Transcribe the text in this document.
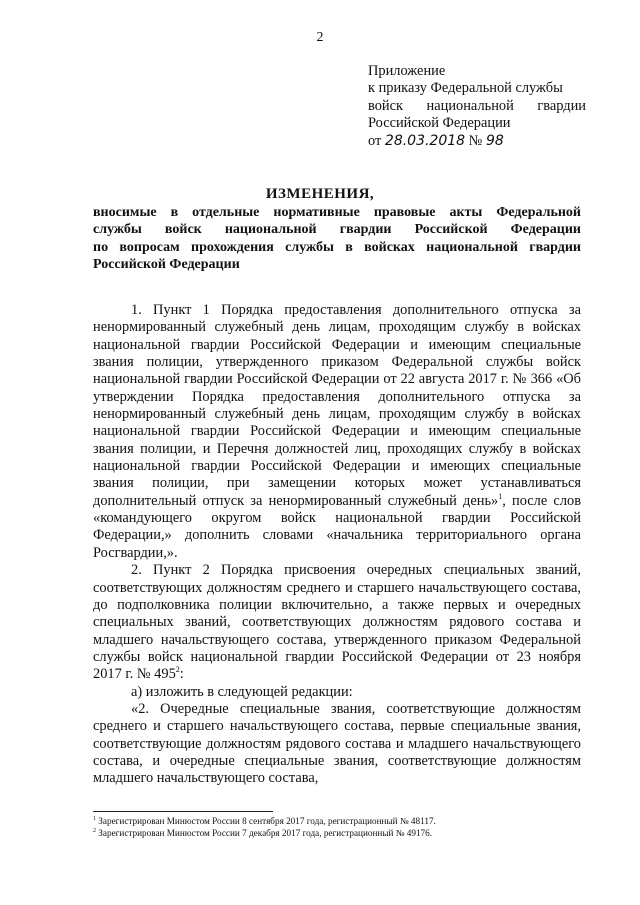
2
Приложение
к приказу Федеральной службы
войск национальной гвардии
Российской Федерации
от 28.03.2018 № 98
ИЗМЕНЕНИЯ,
вносимые в отдельные нормативные правовые акты Федеральной
службы войск национальной гвардии Российской Федерации
по вопросам прохождения службы в войсках национальной гвардии
Российской Федерации

1. Пункт 1 Порядка предоставления дополнительного отпуска за ненормированный служебный день лицам, проходящим службу в войсках национальной гвардии Российской Федерации и имеющим специальные звания полиции, утвержденного приказом Федеральной службы войск национальной гвардии Российской Федерации от 22 августа 2017 г. № 366 «Об утверждении Порядка предоставления дополнительного отпуска за ненормированный служебный день лицам, проходящим службу в войсках национальной гвардии Российской Федерации и имеющим специальные звания полиции, и Перечня должностей лиц, проходящих службу в войсках национальной гвардии Российской Федерации и имеющих специальные звания полиции, при замещении которых может устанавливаться дополнительный отпуск за ненормированный служебный день»$^1$, после слов «командующего округом войск национальной гвардии Российской Федерации,» дополнить словами «начальника территориального органа Росгвардии,».

2. Пункт 2 Порядка присвоения очередных специальных званий, соответствующих должностям среднего и старшего начальствующего состава, до подполковника полиции включительно, а также первых и очередных специальных званий, соответствующих должностям рядового состава и младшего начальствующего состава, утвержденного приказом Федеральной службы войск национальной гвардии Российской Федерации от 23 ноября 2017 г. № $495^2$:

а) изложить в следующей редакции:

«2. Очередные специальные звания, соответствующие должностям среднего и старшего начальствующего состава, первые специальные звания, соответствующие должностям рядового состава и младшего начальствующего состава, и очередные специальные звания, соответствующие должностям младшего начальствующего состава,

$^1$ Зарегистрирован Минюстом России 8 сентября 2017 года, регистрационный № 48117.
$^2$ Зарегистрирован Минюстом России 7 декабря 2017 года, регистрационный № 49176.
